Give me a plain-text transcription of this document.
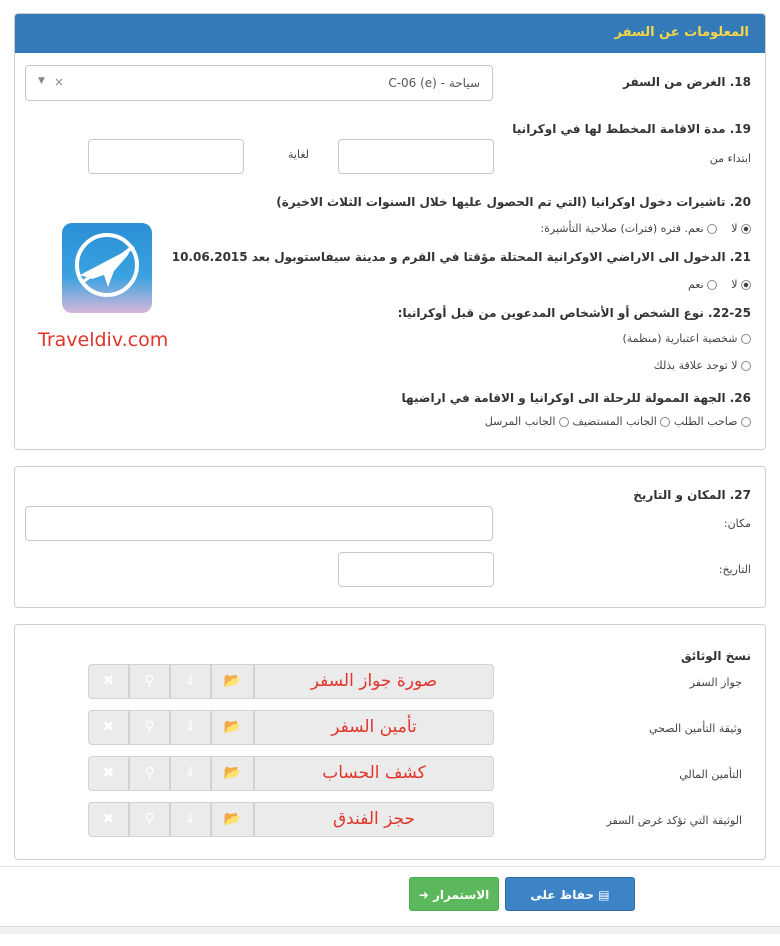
المعلومات عن السفر
18. الغرض من السفر
C-06 (e) - سياحة
×
▼
19. مدة الاقامة المخطط لها في اوكرانيا
ابتداء من
لغاية
20. تاشيرات دخول اوكرانيا (التي تم الحصول عليها خلال السنوات الثلاث الاخيرة)
لا     نعم. فتره (فترات) صلاحية التأشيرة:
21. الدخول الى الاراضي الاوكرانية المحتلة مؤقتا في القرم و مدينة سيفاستوبول بعد 10.06.2015
لا     نعم
22-25. نوع الشخص أو الأشخاص المدعوين من قبل أوكرانيا:
شخصية اعتبارية (منظمة)
لا توجد علاقة بذلك
26. الجهة الممولة للرحلة الى اوكرانيا و الاقامة في اراضيها
صاحب الطلب  الجانب المستضيف  الجانب المرسل
Traveldiv.com
27. المكان و التاريخ
مكان:
التاريخ:
نسخ الوثائق
جواز السفر
✖	⚲	⇓	📂	صورة جواز السفر
وثيقة التأمين الصحي
✖	⚲	⇓	📂	تأمين السفر
التأمين المالي
✖	⚲	⇓	📂	كشف الحساب
الوثيقة التي تؤكد غرض السفر
✖	⚲	⇓	📂	حجز الفندق
الاستمرار ➜	▤ حفاظ على
